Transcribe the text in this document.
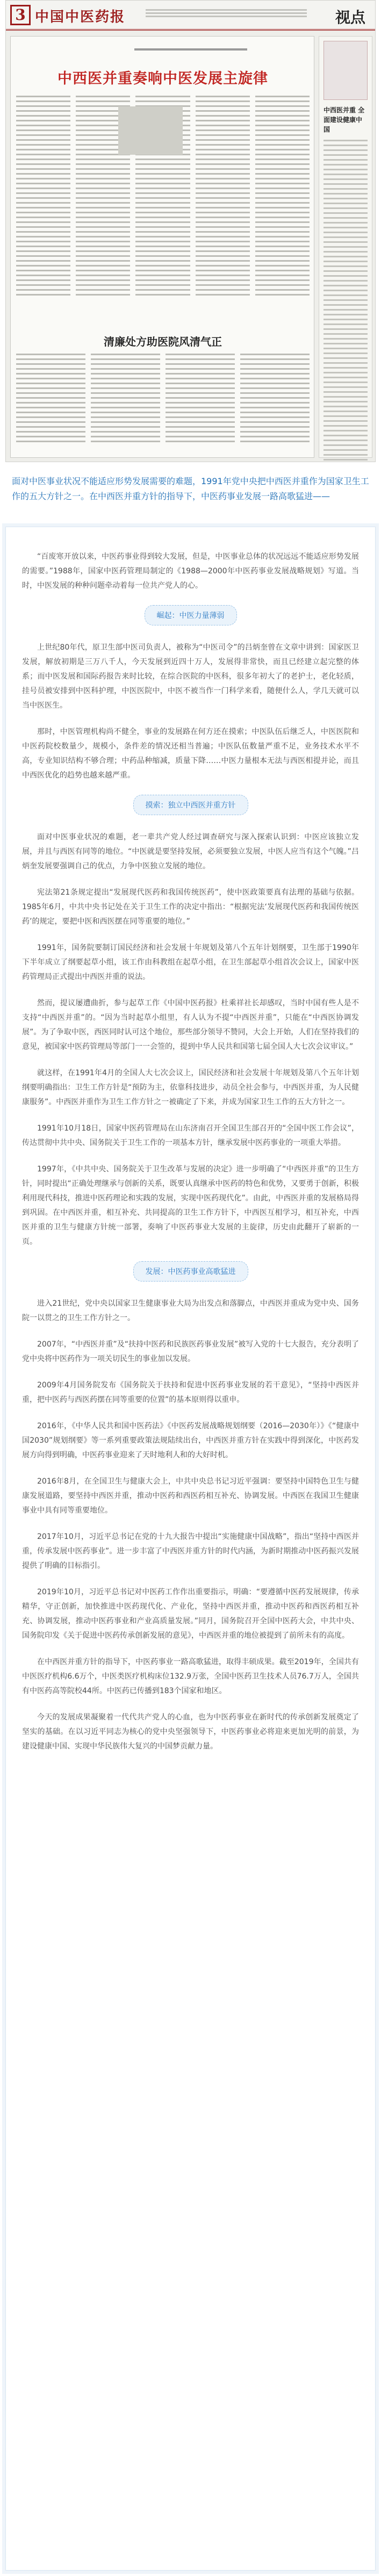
3 中国中医药报	视点
中西医并重奏响中医发展主旋律
清廉处方助医院风清气正
中西医并重 全面建设健康中国
面对中医事业状况不能适应形势发展需要的难题，1991年党中央把中西医并重作为国家卫生工作的五大方针之一。在中西医并重方针的指导下，中医药事业发展一路高歌猛进——

“百废寒开放以来，中医药事业得到较大发展，但是，中医事业总体的状况远远不能适应形势发展的需要。”1988年，国家中医药管理局制定的《1988—2000年中医药事业发展战略规划》写道。当时，中医发展的种种问题牵动着每一位共产党人的心。

崛起：中医力量薄弱

上世纪80年代，原卫生部中医司负责人，被称为“中医司令”的吕炳奎曾在文章中讲到：国家医卫发展，解放初期是三万八千人，今天发展到近四十万人，发展得非常快，而且已经建立起完整的体系；而中医发展和国际药报告来时比较，在综合医院的中医科，很多年初大了的老护士，老化轻质，挂号员被安排到中医科护理，中医医院中，中医不被当作一门科学来看，随便什么人，学几天就可以当中医医生。

那时，中医管理机构尚不健全，事业的发展路在何方还在摸索；中医队伍后继乏人，中医医院和中医药院校数量少，规模小，条件差的情况还相当普遍；中医队伍数量严重不足，业务技术水平不高，专业知识结构不够合理；中药品种缩减，质量下降……中医力量根本无法与西医相提并论，而且中西医优化的趋势也越来越严重。

摸索：独立中西医并重方针

面对中医事业状况的难题，老一辈共产党人经过调查研究与深入探索认识到：中医应该独立发展，并且与西医有同等的地位。“中医就是要坚持发展，必须要独立发展，中医人应当有这个气魄。”吕炳奎发展要强调自己的优点，力争中医独立发展的地位。

宪法第21条规定提出“发展现代医药和我国传统医药”，使中医政策要真有法理的基础与依据。1985年6月，中共中央书记处在关于卫生工作的决定中指出：“根据宪法‘发展现代医药和我国传统医药’的规定，要把中医和西医摆在同等重要的地位。”

1991年，国务院要制订国民经济和社会发展十年规划及第八个五年计划纲要，卫生部于1990年下半年成立了纲要起草小组，该工作由科教组在起草小组，在卫生部起草小组首次会议上，国家中医药管理局正式提出中西医并重的说法。

然而，提议屡遭曲折，参与起草工作《中国中医药报》杜乘祥社长却感叹，当时中国有些人是不支持“中西医并重”的。“因为当时起草小组里，有人认为不提“中西医并重”，只能在“中西医协调发展”。为了争取中医，西医同时认可这个地位，那些部分领导不赞同，大会上开始，人们在坚持我们的意见，被国家中医药管理局等部门一一会签的，提到中华人民共和国第七届全国人大七次会议审议。”

就这样，在1991年4月的全国人大七次会议上，国民经济和社会发展十年规划及第八个五年计划纲要明确指出：卫生工作方针是“预防为主，依靠科技进步，动员全社会参与，中西医并重，为人民健康服务”。中西医并重作为卫生工作方针之一被确定了下来，并成为国家卫生工作的五大方针之一。

1991年10月18日，国家中医药管理局在山东济南召开全国卫生部召开的“全国中医工作会议”，传达贯彻中共中央、国务院关于卫生工作的一项基本方针，继承发展中医药事业的一项重大举措。

1997年，《中共中央、国务院关于卫生改革与发展的决定》进一步明确了“中西医并重”的卫生方针，同时提出“正确处理继承与创新的关系，既要认真继承中医药的特色和优势，又要勇于创新，积极利用现代科技，推进中医药理论和实践的发展，实现中医药现代化”。由此，中西医并重的发展格局得到巩固。在中西医并重，相互补充、共同提高的卫生工作方针下，中西医互相学习，相互补充，中西医并重的卫生与健康方针统一部署，奏响了中医药事业大发展的主旋律，历史由此翻开了崭新的一页。

发展：中医药事业高歌猛进

进入21世纪，党中央以国家卫生健康事业大局为出发点和落脚点，中西医并重成为党中央、国务院一以贯之的卫生工作方针之一。

2007年，“中西医并重”及“扶持中医药和民族医药事业发展”被写入党的十七大报告，充分表明了党中央将中医药作为一项关切民生的事业加以发展。

2009年4月国务院发布《国务院关于扶持和促进中医药事业发展的若干意见》，“坚持中西医并重，把中医药与西医药摆在同等重要的位置”的基本原则得以重申。

2016年，《中华人民共和国中医药法》《中医药发展战略规划纲要（2016—2030年）》《“健康中国2030”规划纲要》等一系列重要政策法规陆续出台，中西医并重方针在实践中得到深化，中医药发展方向得到明确，中医药事业迎来了天时地利人和的大好时机。

2016年8月，在全国卫生与健康大会上，中共中央总书记习近平强调：要坚持中国特色卫生与健康发展道路，要坚持中西医并重，推动中医药和西医药相互补充、协调发展。中西医在我国卫生健康事业中具有同等重要地位。

2017年10月，习近平总书记在党的十九大报告中提出“实施健康中国战略”，指出“坚持中西医并重，传承发展中医药事业”。进一步丰富了中西医并重方针的时代内涵，为新时期推动中医药振兴发展提供了明确的目标指引。

2019年10月，习近平总书记对中医药工作作出重要指示，明确：“要遵循中医药发展规律，传承精华，守正创新，加快推进中医药现代化、产业化，坚持中西医并重，推动中医药和西医药相互补充、协调发展，推动中医药事业和产业高质量发展。”同月，国务院召开全国中医药大会，中共中央、国务院印发《关于促进中医药传承创新发展的意见》，中西医并重的地位被提到了前所未有的高度。

在中西医并重方针的指导下，中医药事业一路高歌猛进，取得丰硕成果。截至2019年，全国共有中医医疗机构6.6万个，中医类医疗机构床位132.9万张，全国中医药卫生技术人员76.7万人，全国共有中医药高等院校44所。中医药已传播到183个国家和地区。

今天的发展成果凝聚着一代代共产党人的心血，也为中医药事业在新时代的传承创新发展奠定了坚实的基础。在以习近平同志为核心的党中央坚强领导下，中医药事业必将迎来更加光明的前景，为建设健康中国、实现中华民族伟大复兴的中国梦贡献力量。
